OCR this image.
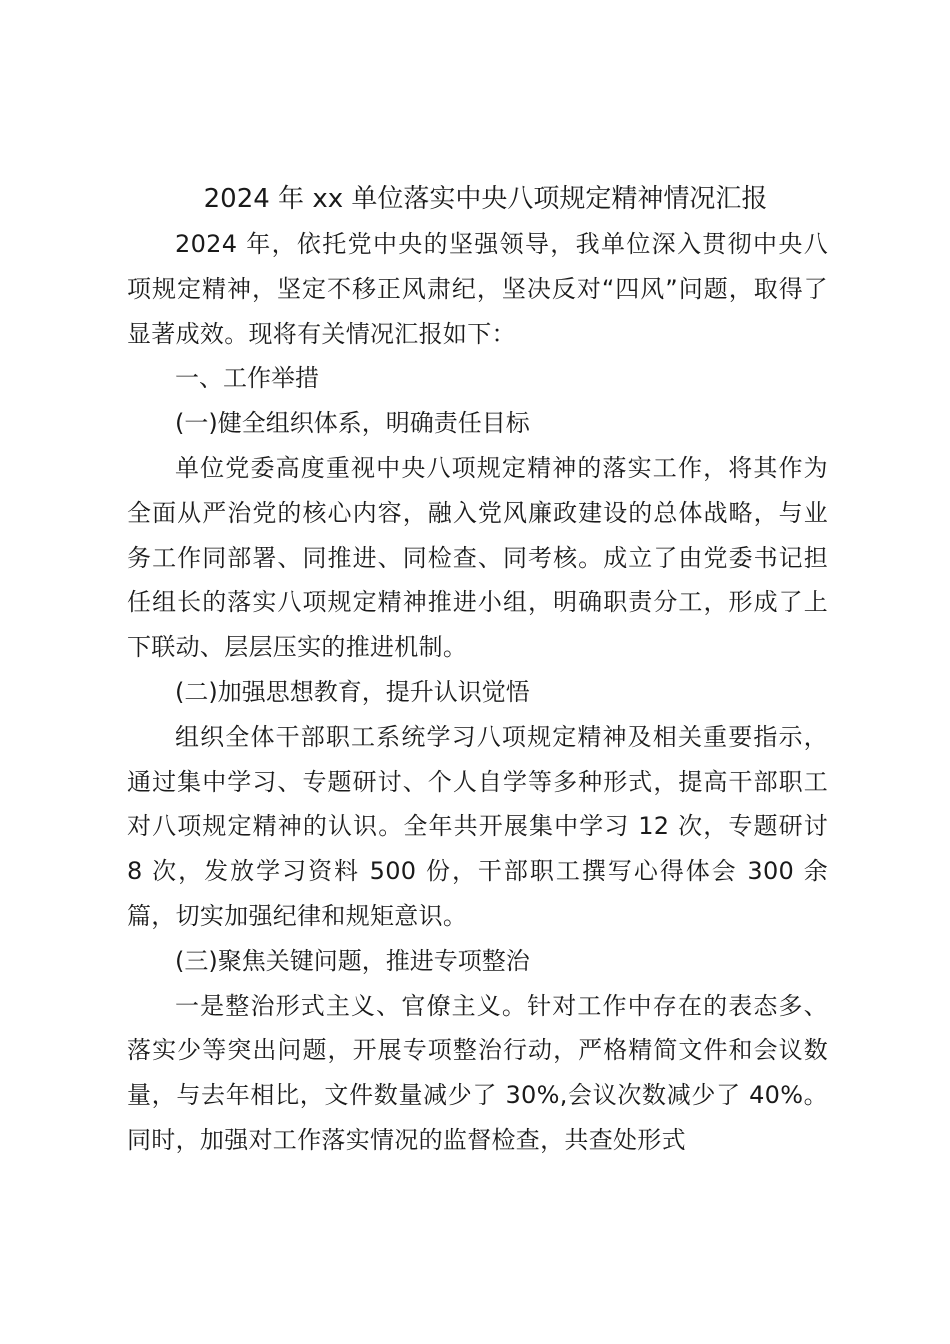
2024 年 xx 单位落实中央八项规定精神情况汇报

2024 年，依托党中央的坚强领导，我单位深入贯彻中央八项规定精神，坚定不移正风肃纪，坚决反对“四风”问题，取得了显著成效。现将有关情况汇报如下：

一、工作举措

(一)健全组织体系，明确责任目标

单位党委高度重视中央八项规定精神的落实工作，将其作为全面从严治党的核心内容，融入党风廉政建设的总体战略，与业务工作同部署、同推进、同检查、同考核。成立了由党委书记担任组长的落实八项规定精神推进小组，明确职责分工，形成了上下联动、层层压实的推进机制。

(二)加强思想教育，提升认识觉悟

组织全体干部职工系统学习八项规定精神及相关重要指示，通过集中学习、专题研讨、个人自学等多种形式，提高干部职工对八项规定精神的认识。全年共开展集中学习 12 次，专题研讨 8 次，发放学习资料 500 份，干部职工撰写心得体会 300 余篇，切实加强纪律和规矩意识。

(三)聚焦关键问题，推进专项整治

一是整治形式主义、官僚主义。针对工作中存在的表态多、落实少等突出问题，开展专项整治行动，严格精简文件和会议数量，与去年相比，文件数量减少了 30%,会议次数减少了 40%。同时，加强对工作落实情况的监督检查，共查处形式
